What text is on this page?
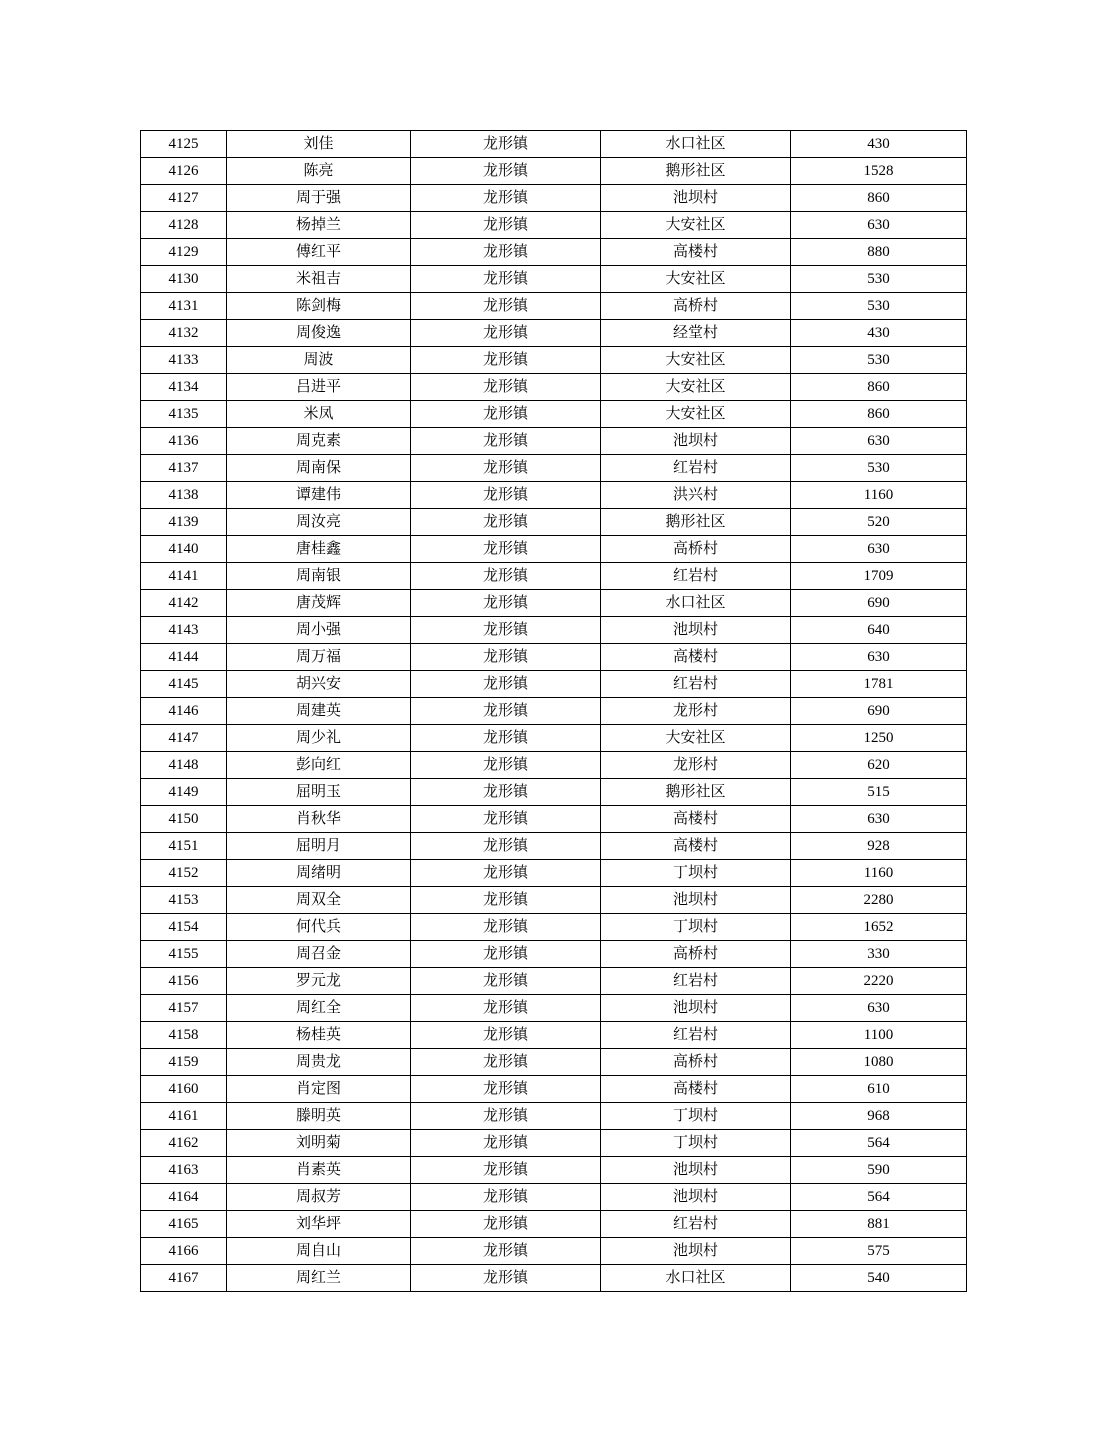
4125	刘佳	龙形镇	水口社区	430
4126	陈亮	龙形镇	鹅形社区	1528
4127	周于强	龙形镇	池坝村	860
4128	杨掉兰	龙形镇	大安社区	630
4129	傅红平	龙形镇	高楼村	880
4130	米祖吉	龙形镇	大安社区	530
4131	陈剑梅	龙形镇	高桥村	530
4132	周俊逸	龙形镇	经堂村	430
4133	周波	龙形镇	大安社区	530
4134	吕进平	龙形镇	大安社区	860
4135	米凤	龙形镇	大安社区	860
4136	周克素	龙形镇	池坝村	630
4137	周南保	龙形镇	红岩村	530
4138	谭建伟	龙形镇	洪兴村	1160
4139	周汝亮	龙形镇	鹅形社区	520
4140	唐桂鑫	龙形镇	高桥村	630
4141	周南银	龙形镇	红岩村	1709
4142	唐茂辉	龙形镇	水口社区	690
4143	周小强	龙形镇	池坝村	640
4144	周万福	龙形镇	高楼村	630
4145	胡兴安	龙形镇	红岩村	1781
4146	周建英	龙形镇	龙形村	690
4147	周少礼	龙形镇	大安社区	1250
4148	彭向红	龙形镇	龙形村	620
4149	屈明玉	龙形镇	鹅形社区	515
4150	肖秋华	龙形镇	高楼村	630
4151	屈明月	龙形镇	高楼村	928
4152	周绪明	龙形镇	丁坝村	1160
4153	周双全	龙形镇	池坝村	2280
4154	何代兵	龙形镇	丁坝村	1652
4155	周召金	龙形镇	高桥村	330
4156	罗元龙	龙形镇	红岩村	2220
4157	周红全	龙形镇	池坝村	630
4158	杨桂英	龙形镇	红岩村	1100
4159	周贵龙	龙形镇	高桥村	1080
4160	肖定图	龙形镇	高楼村	610
4161	滕明英	龙形镇	丁坝村	968
4162	刘明菊	龙形镇	丁坝村	564
4163	肖素英	龙形镇	池坝村	590
4164	周叔芳	龙形镇	池坝村	564
4165	刘华坪	龙形镇	红岩村	881
4166	周自山	龙形镇	池坝村	575
4167	周红兰	龙形镇	水口社区	540
